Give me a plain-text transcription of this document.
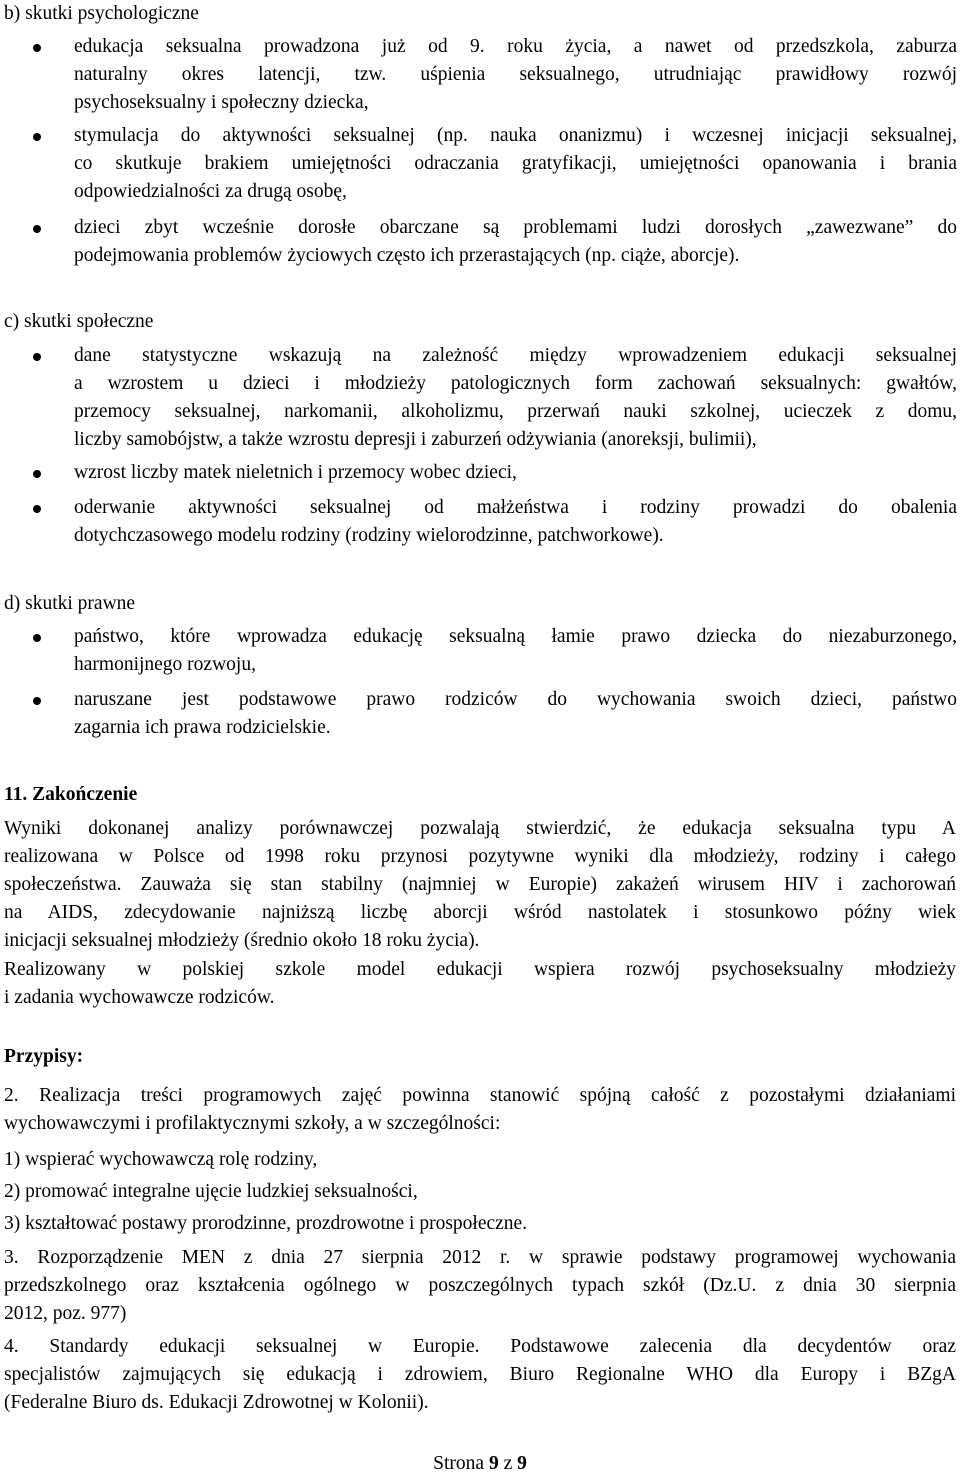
b) skutki psychologiczne
edukacja seksualna prowadzona już od 9. roku życia, a nawet od przedszkola, zaburza
naturalny okres latencji, tzw. uśpienia seksualnego, utrudniając prawidłowy rozwój
psychoseksualny i społeczny dziecka,
stymulacja do aktywności seksualnej (np. nauka onanizmu) i wczesnej inicjacji seksualnej,
co skutkuje brakiem umiejętności odraczania gratyfikacji, umiejętności opanowania i brania
odpowiedzialności za drugą osobę,
dzieci zbyt wcześnie dorosłe obarczane są problemami ludzi dorosłych „zawezwane” do
podejmowania problemów życiowych często ich przerastających (np. ciąże, aborcje).
c) skutki społeczne
dane statystyczne wskazują na zależność między wprowadzeniem edukacji seksualnej
a wzrostem u dzieci i młodzieży patologicznych form zachowań seksualnych: gwałtów,
przemocy seksualnej, narkomanii, alkoholizmu, przerwań nauki szkolnej, ucieczek z domu,
liczby samobójstw, a także wzrostu depresji i zaburzeń odżywiania (anoreksji, bulimii),
wzrost liczby matek nieletnich i przemocy wobec dzieci,
oderwanie aktywności seksualnej od małżeństwa i rodziny prowadzi do obalenia
dotychczasowego modelu rodziny (rodziny wielorodzinne, patchworkowe).
d) skutki prawne
państwo, które wprowadza edukację seksualną łamie prawo dziecka do niezaburzonego,
harmonijnego rozwoju,
naruszane jest podstawowe prawo rodziców do wychowania swoich dzieci, państwo
zagarnia ich prawa rodzicielskie.
11. Zakończenie
Wyniki dokonanej analizy porównawczej pozwalają stwierdzić, że edukacja seksualna typu A
realizowana w Polsce od 1998 roku przynosi pozytywne wyniki dla młodzieży, rodziny i całego
społeczeństwa. Zauważa się stan stabilny (najmniej w Europie) zakażeń wirusem HIV i zachorowań
na AIDS, zdecydowanie najniższą liczbę aborcji wśród nastolatek i stosunkowo późny wiek
inicjacji seksualnej młodzieży (średnio około 18 roku życia).
Realizowany w polskiej szkole model edukacji wspiera rozwój psychoseksualny młodzieży
i zadania wychowawcze rodziców.
Przypisy:
2. Realizacja treści programowych zajęć powinna stanowić spójną całość z pozostałymi działaniami
wychowawczymi i profilaktycznymi szkoły, a w szczególności:
1) wspierać wychowawczą rolę rodziny,
2) promować integralne ujęcie ludzkiej seksualności,
3) kształtować postawy prorodzinne, prozdrowotne i prospołeczne.
3. Rozporządzenie MEN z dnia 27 sierpnia 2012 r. w sprawie podstawy programowej wychowania
przedszkolnego oraz kształcenia ogólnego w poszczególnych typach szkół (Dz.U. z dnia 30 sierpnia
2012, poz. 977)
4. Standardy edukacji seksualnej w Europie. Podstawowe zalecenia dla decydentów oraz
specjalistów zajmujących się edukacją i zdrowiem, Biuro Regionalne WHO dla Europy i BZgA
(Federalne Biuro ds. Edukacji Zdrowotnej w Kolonii).
Strona 9 z 9
